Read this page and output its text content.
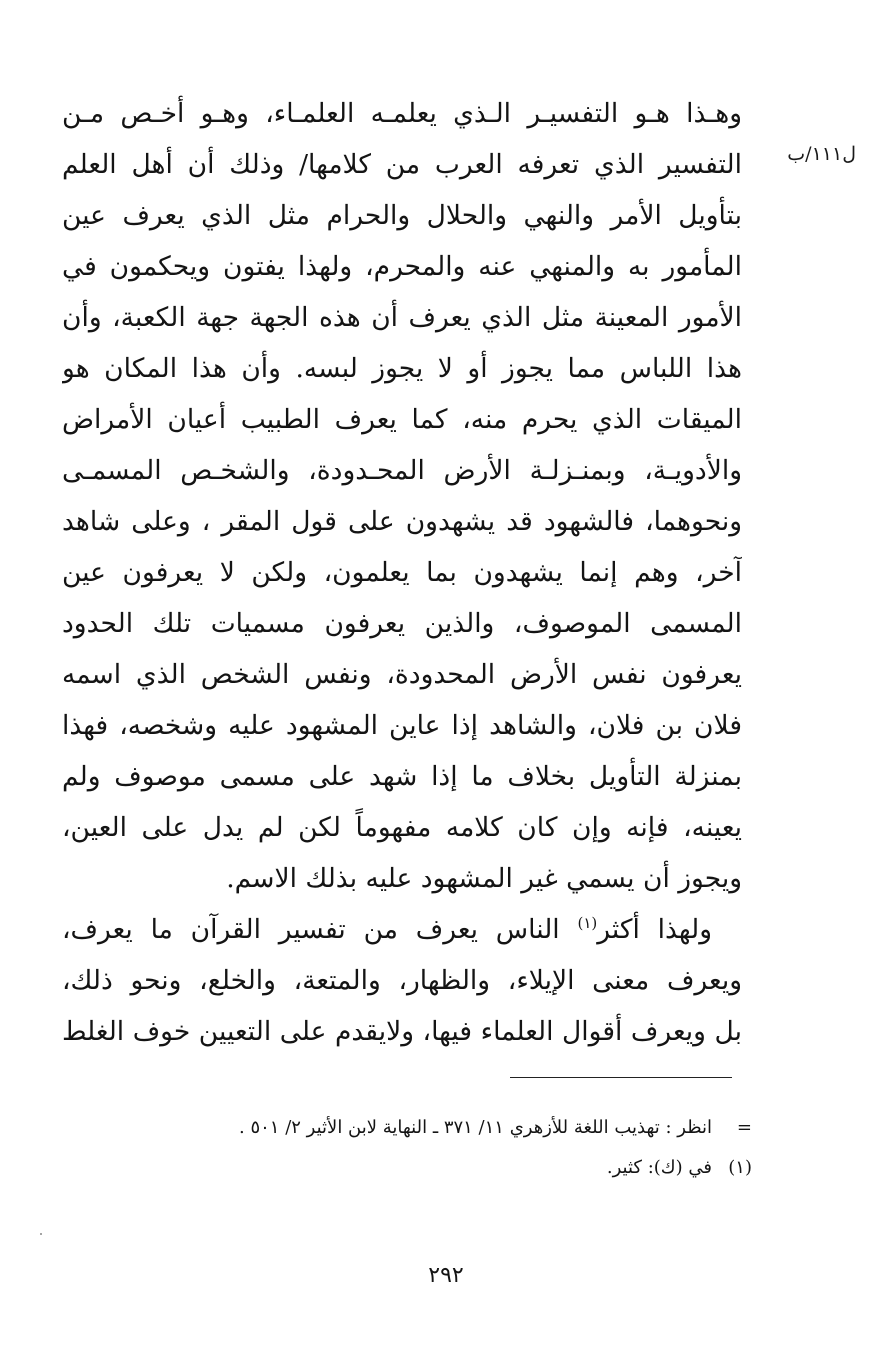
ل١١١/ب
وهـذا هـو التفسيـر الـذي يعلمـه العلمـاء، وهـو أخـص مـن
التفسير الذي تعرفه العرب من كلامها/ وذلك أن أهل العلم
بتأويل الأمر والنهي والحلال والحرام مثل الذي يعرف عين
المأمور به والمنهي عنه والمحرم، ولهذا يفتون ويحكمون في
الأمور المعينة مثل الذي يعرف أن هذه الجهة جهة الكعبة، وأن
هذا اللباس مما يجوز أو لا يجوز لبسه. وأن هذا المكان هو
الميقات الذي يحرم منه، كما يعرف الطبيب أعيان الأمراض
والأدويـة، وبمنـزلـة الأرض المحـدودة، والشخـص المسمـى
ونحوهما، فالشهود قد يشهدون على قول المقر ، وعلى شاهد
آخر، وهم إنما يشهدون بما يعلمون، ولكن لا يعرفون عين
المسمى الموصوف، والذين يعرفون مسميات تلك الحدود
يعرفون نفس الأرض المحدودة، ونفس الشخص الذي اسمه
فلان بن فلان، والشاهد إذا عاين المشهود عليه وشخصه، فهذا
بمنزلة التأويل بخلاف ما إذا شهد على مسمى موصوف ولم
يعينه، فإنه وإن كان كلامه مفهوماً لكن لم يدل على العين،
ويجوز أن يسمي غير المشهود عليه بذلك الاسم.
ولهذا أكثر$^{(١)}$ الناس يعرف من تفسير القرآن ما يعرف،
ويعرف معنى الإيلاء، والظهار، والمتعة، والخلع، ونحو ذلك،
بل ويعرف أقوال العلماء فيها، ولايقدم على التعيين خوف الغلط
=
انظر : تهذيب اللغة للأزهري ١١/ ٣٧١ ـ النهاية لابن الأثير ٢/ ٥٠١ .
(١)
في (ك): كثير.
٢٩٢
